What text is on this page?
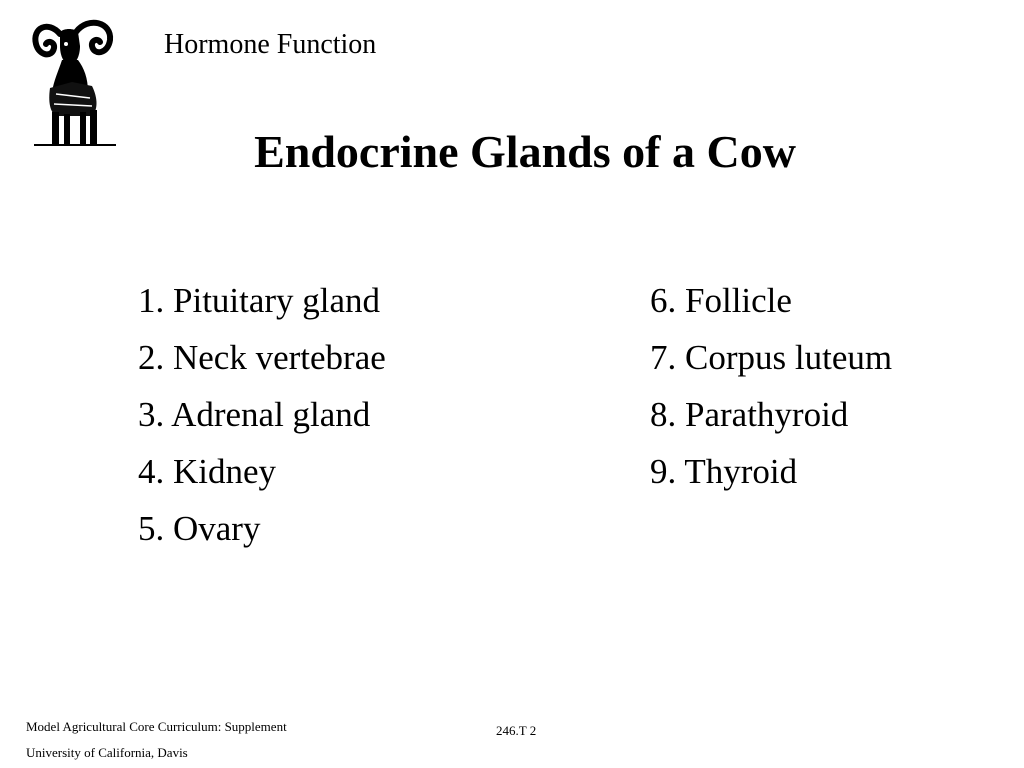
Hormone Function
Endocrine Glands of a Cow
1. Pituitary gland
2. Neck vertebrae
3. Adrenal gland
4. Kidney
5. Ovary
6. Follicle
7. Corpus luteum
8. Parathyroid
9. Thyroid
Model Agricultural Core Curriculum: Supplement
University of California, Davis
246.T 2
